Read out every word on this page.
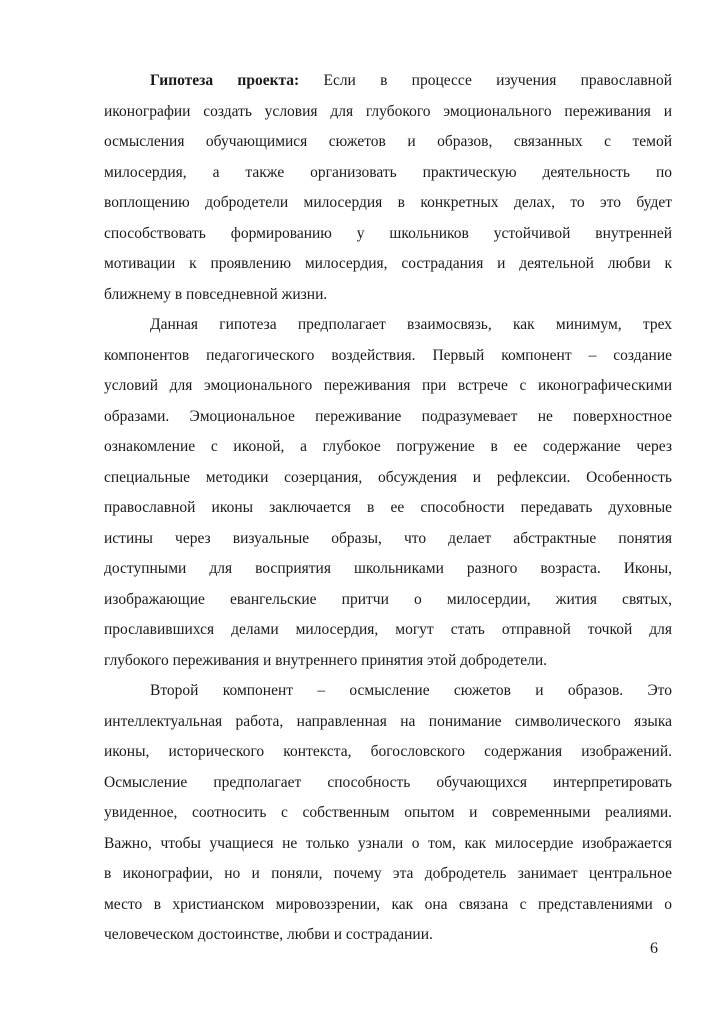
Гипотеза проекта: Если в процессе изучения православной
иконографии создать условия для глубокого эмоционального переживания и
осмысления обучающимися сюжетов и образов, связанных с темой
милосердия, а также организовать практическую деятельность по
воплощению добродетели милосердия в конкретных делах, то это будет
способствовать формированию у школьников устойчивой внутренней
мотивации к проявлению милосердия, сострадания и деятельной любви к
ближнему в повседневной жизни.

Данная гипотеза предполагает взаимосвязь, как минимум, трех
компонентов педагогического воздействия. Первый компонент – создание
условий для эмоционального переживания при встрече с иконографическими
образами. Эмоциональное переживание подразумевает не поверхностное
ознакомление с иконой, а глубокое погружение в ее содержание через
специальные методики созерцания, обсуждения и рефлексии. Особенность
православной иконы заключается в ее способности передавать духовные
истины через визуальные образы, что делает абстрактные понятия
доступными для восприятия школьниками разного возраста. Иконы,
изображающие евангельские притчи о милосердии, жития святых,
прославившихся делами милосердия, могут стать отправной точкой для
глубокого переживания и внутреннего принятия этой добродетели.

Второй компонент – осмысление сюжетов и образов. Это
интеллектуальная работа, направленная на понимание символического языка
иконы, исторического контекста, богословского содержания изображений.
Осмысление предполагает способность обучающихся интерпретировать
увиденное, соотносить с собственным опытом и современными реалиями.
Важно, чтобы учащиеся не только узнали о том, как милосердие изображается
в иконографии, но и поняли, почему эта добродетель занимает центральное
место в христианском мировоззрении, как она связана с представлениями о
человеческом достоинстве, любви и сострадании.

6
